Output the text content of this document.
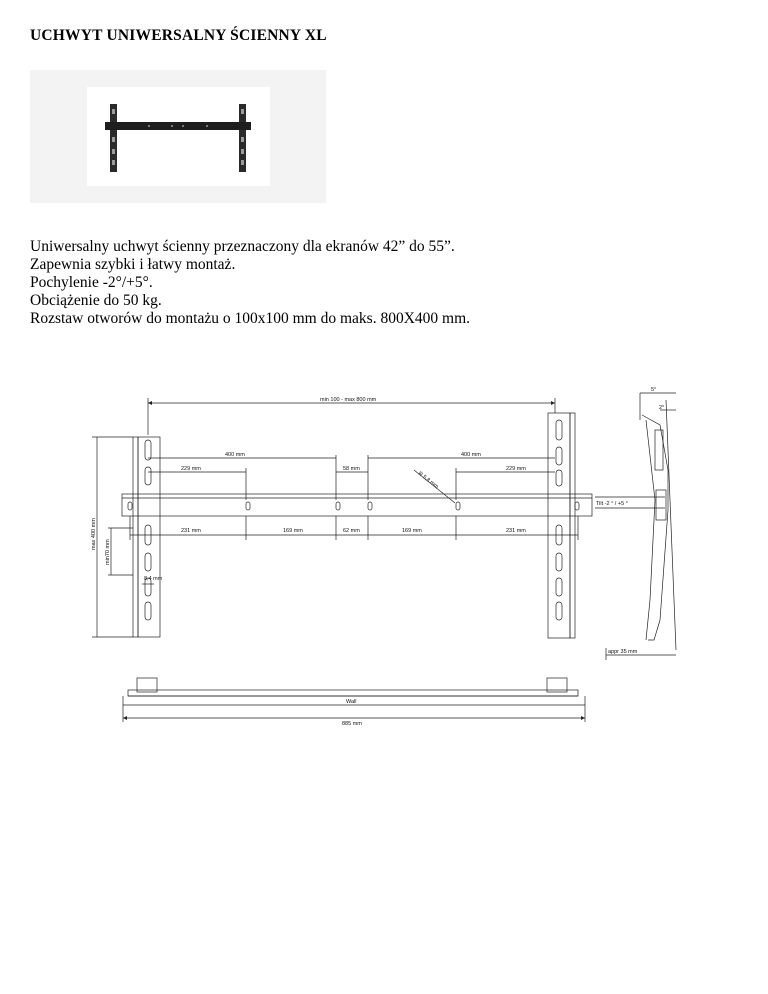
UCHWYT UNIWERSALNY ŚCIENNY XL
Uniwersalny uchwyt ścienny przeznaczony dla ekranów 42” do 55”.
Zapewnia szybki i łatwy montaż.
Pochylenie -2°/+5°.
Obciążenie do 50 kg.
Rozstaw otworów do montażu o 100x100 mm do maks. 800X400 mm.
min 100 - max 800 mm
400 mm	400 mm
229 mm	58 mm	229 mm
R 5,8 mm
231 mm	169 mm	62 mm	169 mm	231 mm
max 400 mm
min70 mm
8,4 mm
5°
2°
Tilt -2 ° / +5 °
appr 35 mm
Wall
885 mm
